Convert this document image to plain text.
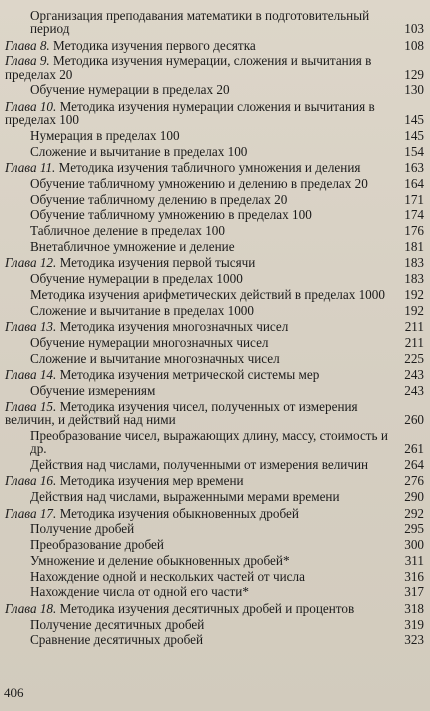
Организация преподавания математики в подготовительный период	103
Глава 8. Методика изучения первого десятка	108
Глава 9. Методика изучения нумерации, сложения и вычитания в пределах 20	129
Обучение нумерации в пределах 20	130
Глава 10. Методика изучения нумерации сложения и вычитания в пределах 100	145
Нумерация в пределах 100	145
Сложение и вычитание в пределах 100	154
Глава 11. Методика изучения табличного умножения и деления	163
Обучение табличному умножению и делению в пределах 20	164
Обучение табличному делению в пределах 20	171
Обучение табличному умножению в пределах 100	174
Табличное деление в пределах 100	176
Внетабличное умножение и деление	181
Глава 12. Методика изучения первой тысячи	183
Обучение нумерации в пределах 1000	183
Методика изучения арифметических действий в пределах 1000	192
Сложение и вычитание в пределах 1000	192
Глава 13. Методика изучения многозначных чисел	211
Обучение нумерации многозначных чисел	211
Сложение и вычитание многозначных чисел	225
Глава 14. Методика изучения метрической системы мер	243
Обучение измерениям	243
Глава 15. Методика изучения чисел, полученных от измерения величин, и действий над ними	260
Преобразование чисел, выражающих длину, массу, стоимость и др.	261
Действия над числами, полученными от измерения величин	264
Глава 16. Методика изучения мер времени	276
Действия над числами, выраженными мерами времени	290
Глава 17. Методика изучения обыкновенных дробей	292
Получение дробей	295
Преобразование дробей	300
Умножение и деление обыкновенных дробей*	311
Нахождение одной и нескольких частей от числа	316
Нахождение числа от одной его части*	317
Глава 18. Методика изучения десятичных дробей и процентов	318
Получение десятичных дробей	319
Сравнение десятичных дробей	323
406
